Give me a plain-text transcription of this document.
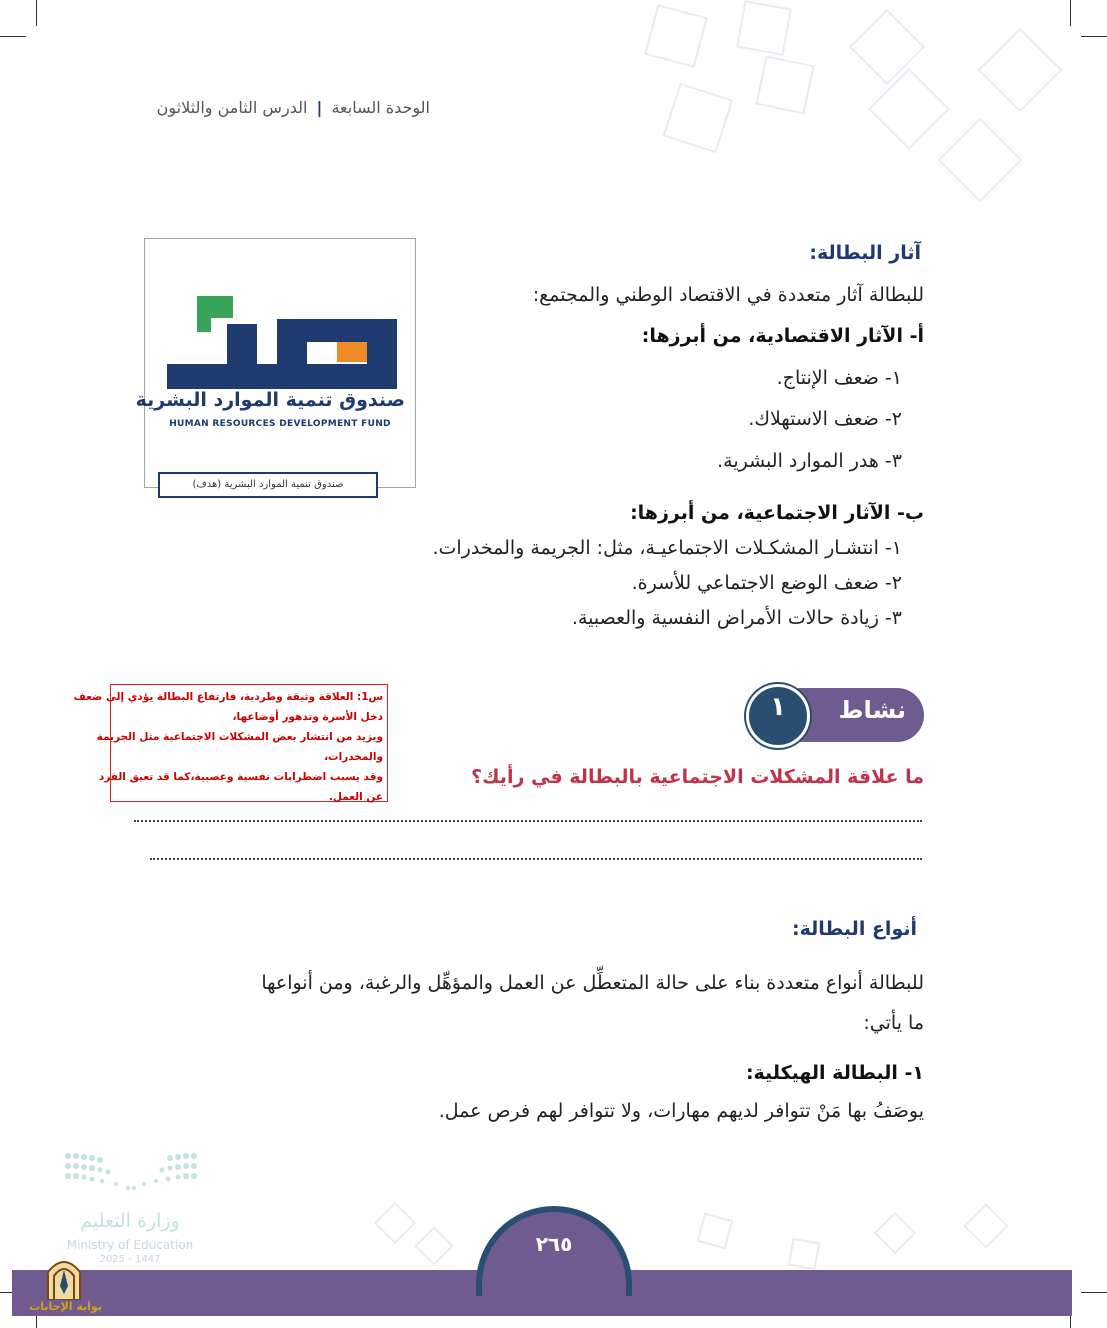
الوحدة السابعة | الدرس الثامن والثلاثون
صندوق تنمية الموارد البشرية
HUMAN RESOURCES DEVELOPMENT FUND
صندوق تنمية الموارد البشرية (هدف)
آثار البطالة:
للبطالة آثار متعددة في الاقتصاد الوطني والمجتمع:
أ- الآثار الاقتصادية، من أبرزها:
١- ضعف الإنتاج.
٢- ضعف الاستهلاك.
٣- هدر الموارد البشرية.
ب- الآثار الاجتماعية، من أبرزها:
١- انتشـار المشكـلات الاجتماعيـة، مثل: الجريمة والمخدرات.
٢- ضعف الوضع الاجتماعي للأسرة.
٣- زيادة حالات الأمراض النفسية والعصبية.
س1: العلاقة وثيقة وطردية، فارتفاع البطالة يؤدي إلى ضعف
دخل الأسرة وتدهور أوضاعها،
ويزيد من انتشار بعض المشكلات الاجتماعية مثل الجريمة
والمخدرات،
وقد يسبب اضطرابات نفسية وعصبية،كما قد تعيق الفرد
عن العمل.
نشاط
١
ما علاقة المشكلات الاجتماعية بالبطالة في رأيك؟
أنواع البطالة:
للبطالة أنواع متعددة بناء على حالة المتعطِّل عن العمل والمؤهِّل والرغبة، ومن أنواعها
ما يأتي:
١- البطالة الهيكلية:
يوصَفُ بها مَنْ تتوافر لديهم مهارات، ولا تتوافر لهم فرص عمل.
وزارة التعليم
Ministry of Education
2025 - 1447
٢٦٥
بوابة الإجابات
